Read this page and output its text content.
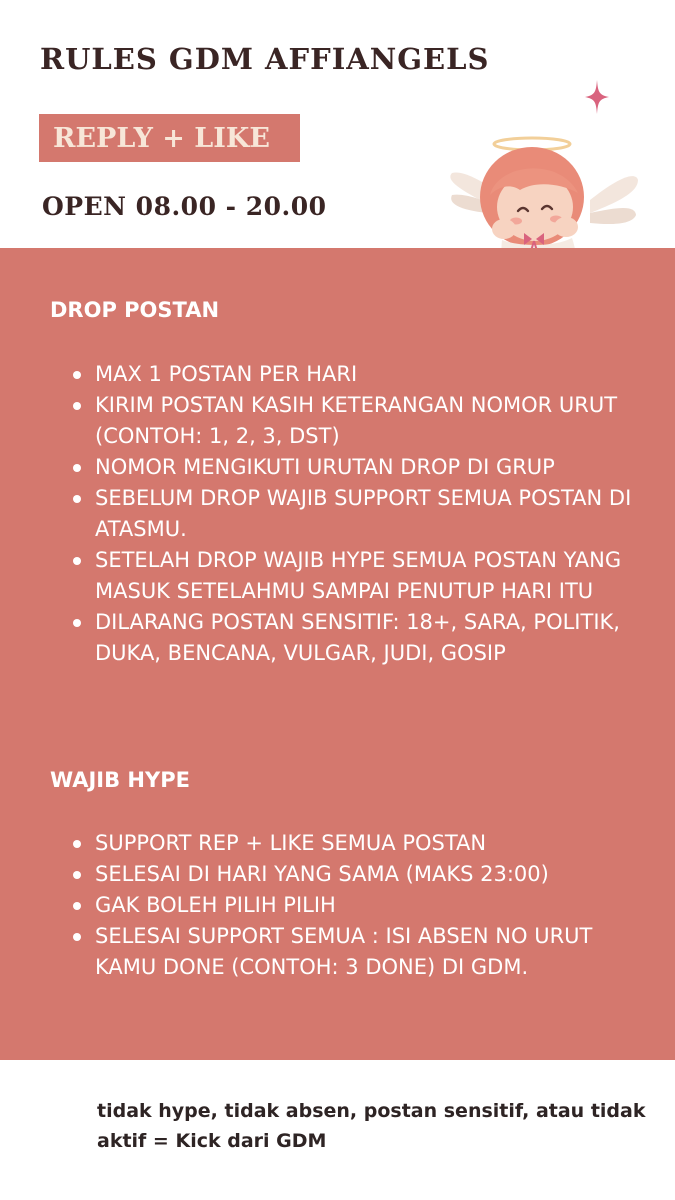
RULES GDM AFFIANGELS
REPLY + LIKE
OPEN 08.00 - 20.00
DROP POSTAN
MAX 1 POSTAN PER HARI
KIRIM POSTAN KASIH KETERANGAN NOMOR URUT (CONTOH: 1, 2, 3, DST)
NOMOR MENGIKUTI URUTAN DROP DI GRUP
SEBELUM DROP WAJIB SUPPORT SEMUA POSTAN DI ATASMU.
SETELAH DROP WAJIB HYPE SEMUA POSTAN YANG MASUK SETELAHMU SAMPAI PENUTUP HARI ITU
DILARANG POSTAN SENSITIF: 18+, SARA, POLITIK, DUKA, BENCANA, VULGAR, JUDI, GOSIP
WAJIB HYPE
SUPPORT REP + LIKE SEMUA POSTAN
SELESAI DI HARI YANG SAMA (MAKS 23:00)
GAK BOLEH PILIH PILIH
SELESAI SUPPORT SEMUA : ISI ABSEN NO URUT KAMU DONE (CONTOH: 3 DONE) DI GDM.
tidak hype, tidak absen, postan sensitif, atau tidak aktif = Kick dari GDM
